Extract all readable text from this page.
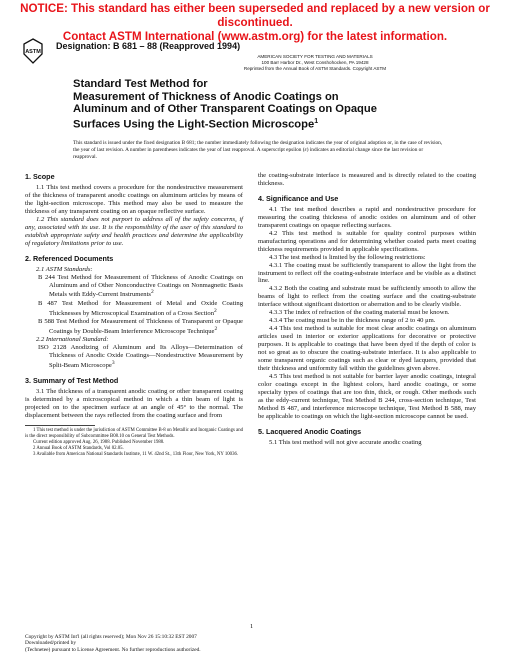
NOTICE: This standard has either been superseded and replaced by a new version or discontinued.
Contact ASTM International (www.astm.org) for the latest information.
ASTM
Designation: B 681 – 88 (Reapproved 1994)
AMERICAN SOCIETY FOR TESTING AND MATERIALS
100 Barr Harbor Dr., West Conshohocken, PA 19428
Reprinted from the Annual Book of ASTM Standards. Copyright ASTM
Standard Test Method for
Measurement of Thickness of Anodic Coatings on
Aluminum and of Other Transparent Coatings on Opaque
Surfaces Using the Light-Section Microscope$^1$
This standard is issued under the fixed designation B 681; the number immediately following the designation indicates the year of original adoption or, in the case of revision, the year of last revision. A number in parentheses indicates the year of last reapproval. A superscript epsilon (ε) indicates an editorial change since the last revision or reapproval.
1. Scope

1.1 This test method covers a procedure for the nondestructive measurement of the thickness of transparent anodic coatings on aluminum articles by means of the light-section microscope. This method may also be used to measure the thickness of any transparent coating on an opaque reflective surface.

1.2 This standard does not purport to address all of the safety concerns, if any, associated with its use. It is the responsibility of the user of this standard to establish appropriate safety and health practices and determine the applicability of regulatory limitations prior to use.

2. Referenced Documents

2.1 ASTM Standards:

B 244 Test Method for Measurement of Thickness of Anodic Coatings on Aluminum and of Other Nonconductive Coatings on Nonmagnetic Basis Metals with Eddy-Current Instruments$^2$

B 487 Test Method for Measurement of Metal and Oxide Coating Thicknesses by Microscopical Examination of a Cross Section$^2$

B 588 Test Method for Measurement of Thickness of Transparent or Opaque Coatings by Double-Beam Interference Microscope Technique$^2$

2.2 International Standard:

ISO 2128 Anodizing of Aluminum and Its Alloys—Determination of Thickness of Anodic Oxide Coatings—Nondestructive Measurement by Split-Beam Microscope$^3$

3. Summary of Test Method

3.1 The thickness of a transparent anodic coating or other transparent coating is determined by a microscopical method in which a thin beam of light is projected on to the specimen surface at an angle of 45° to the normal. The displacement between the rays reflected from the coating surface and from

1 This test method is under the jurisdiction of ASTM Committee B-8 on Metallic and Inorganic Coatings and is the direct responsibility of Subcommittee B08.10 on General Test Methods.

Current edition approved Aug. 26, 1988. Published November 1988.

2 Annual Book of ASTM Standards, Vol 02.05.

3 Available from American National Standards Institute, 11 W. 42nd St., 13th Floor, New York, NY 10036.

the coating-substrate interface is measured and is directly related to the coating thickness.

4. Significance and Use

4.1 The test method describes a rapid and nondestructive procedure for measuring the coating thickness of anodic oxides on aluminum and of other transparent coatings on opaque reflecting surfaces.

4.2 This test method is suitable for quality control purposes within manufacturing operations and for determining whether coated parts meet coating thickness requirements provided in applicable specifications.

4.3 The test method is limited by the following restrictions:

4.3.1 The coating must be sufficiently transparent to allow the light from the instrument to reflect off the coating-substrate interface and be visible as a distinct line.

4.3.2 Both the coating and substrate must be sufficiently smooth to allow the beams of light to reflect from the coating surface and the coating-substrate interface without significant distortion or aberration and to be clearly visible.

4.3.3 The index of refraction of the coating material must be known.

4.3.4 The coating must be in the thickness range of 2 to 40 μm.

4.4 This test method is suitable for most clear anodic coatings on aluminum articles used in interior or exterior applications for decorative or protective purposes. It is applicable to coatings that have been dyed if the depth of color is not so great as to obscure the coating-substrate interface. It is also applicable to some transparent organic coatings such as clear or dyed lacquers, provided that their thickness and uniformity fall within the guidelines given above.

4.5 This test method is not suitable for barrier layer anodic coatings, integral color coatings except in the lightest colors, hard anodic coatings, or some specialty types of coatings that are too thin, thick, or rough. Other methods such as the eddy-current technique, Test Method B 244, cross-section technique, Test Method B 487, and interference microscope technique, Test Method B 588, may be applicable to coatings on which the light-section microscope cannot be used.

5. Lacquered Anodic Coatings

5.1 This test method will not give accurate anodic coating

1
Copyright by ASTM Int'l (all rights reserved); Mon Nov 26 15:10:32 EST 2007
Downloaded/printed by
(Technetee) pursuant to License Agreement. No further reproductions authorized.
